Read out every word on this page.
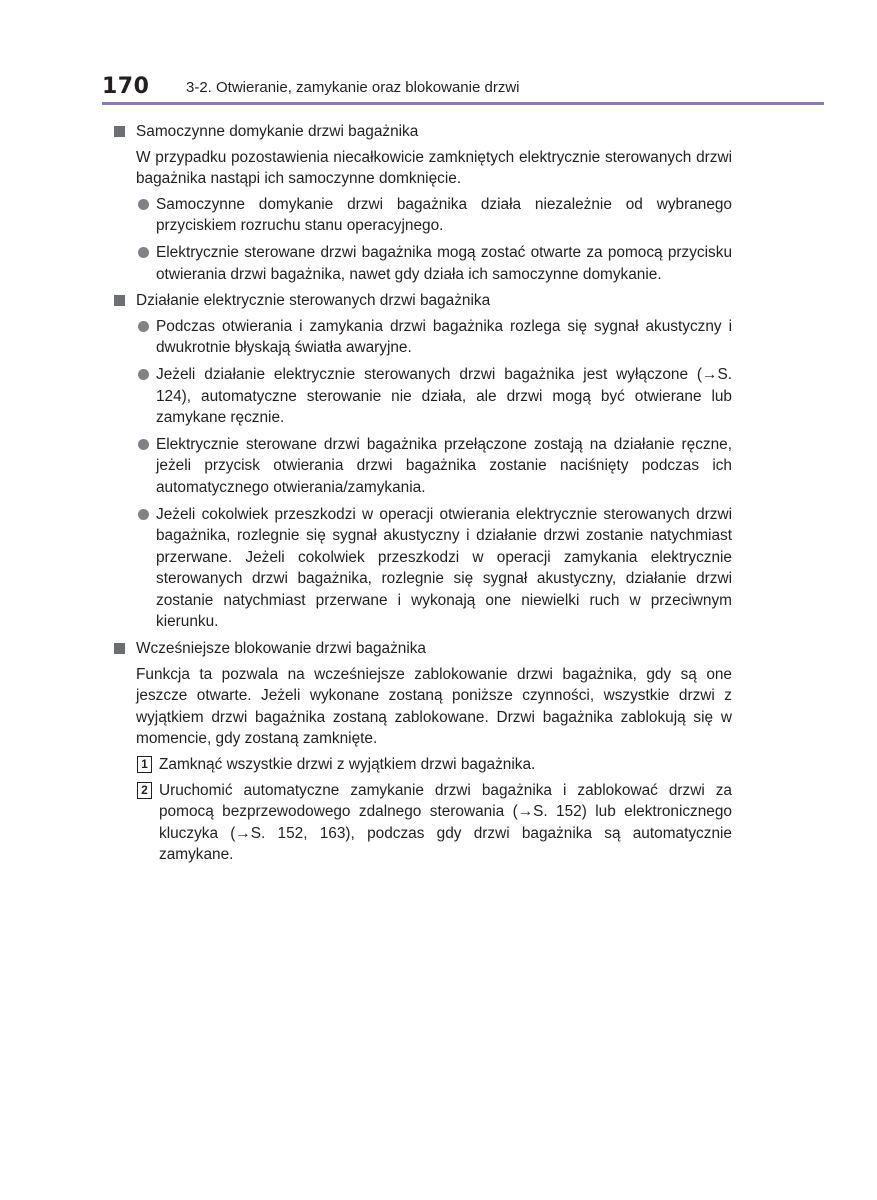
170 3-2. Otwieranie, zamykanie oraz blokowanie drzwi
Samoczynne domykanie drzwi bagażnika
W przypadku pozostawienia niecałkowicie zamkniętych elektrycznie sterowanych drzwi bagażnika nastąpi ich samoczynne domknięcie.
Samoczynne domykanie drzwi bagażnika działa niezależnie od wybranego przyciskiem rozruchu stanu operacyjnego.
Elektrycznie sterowane drzwi bagażnika mogą zostać otwarte za pomocą przycisku otwierania drzwi bagażnika, nawet gdy działa ich samoczynne domykanie.
Działanie elektrycznie sterowanych drzwi bagażnika
Podczas otwierania i zamykania drzwi bagażnika rozlega się sygnał akustyczny i dwukrotnie błyskają światła awaryjne.
Jeżeli działanie elektrycznie sterowanych drzwi bagażnika jest wyłączone (→S. 124), automatyczne sterowanie nie działa, ale drzwi mogą być otwierane lub zamykane ręcznie.
Elektrycznie sterowane drzwi bagażnika przełączone zostają na działanie ręczne, jeżeli przycisk otwierania drzwi bagażnika zostanie naciśnięty podczas ich automatycznego otwierania/zamykania.
Jeżeli cokolwiek przeszkodzi w operacji otwierania elektrycznie sterowanych drzwi bagażnika, rozlegnie się sygnał akustyczny i działanie drzwi zostanie natychmiast przerwane. Jeżeli cokolwiek przeszkodzi w operacji zamykania elektrycznie sterowanych drzwi bagażnika, rozlegnie się sygnał akustyczny, działanie drzwi zostanie natychmiast przerwane i wykonają one niewielki ruch w przeciwnym kierunku.
Wcześniejsze blokowanie drzwi bagażnika
Funkcja ta pozwala na wcześniejsze zablokowanie drzwi bagażnika, gdy są one jeszcze otwarte. Jeżeli wykonane zostaną poniższe czynności, wszystkie drzwi z wyjątkiem drzwi bagażnika zostaną zablokowane. Drzwi bagażnika zablokują się w momencie, gdy zostaną zamknięte.
1 Zamknąć wszystkie drzwi z wyjątkiem drzwi bagażnika.
2 Uruchomić automatyczne zamykanie drzwi bagażnika i zablokować drzwi za pomocą bezprzewodowego zdalnego sterowania (→S. 152) lub elektronicznego kluczyka (→S. 152, 163), podczas gdy drzwi bagażnika są automatycznie zamykane.
